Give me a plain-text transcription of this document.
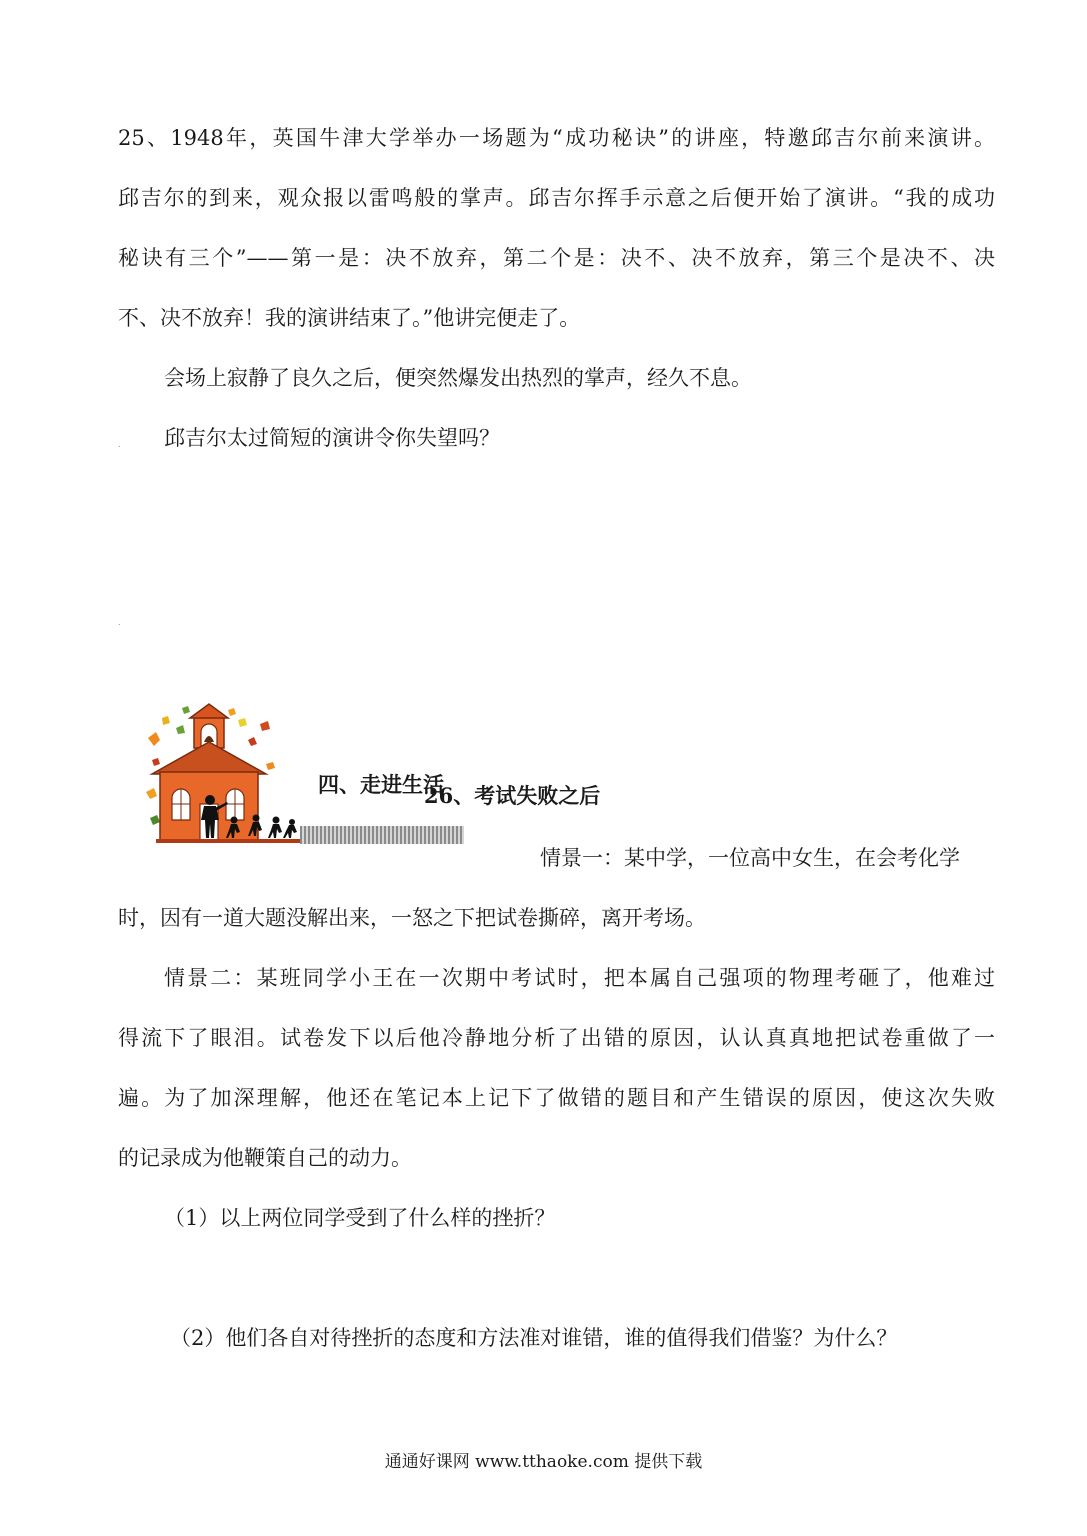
25、1948年，英国牛津大学举办一场题为“成功秘诀”的讲座，特邀邱吉尔前来演讲。
邱吉尔的到来，观众报以雷鸣般的掌声。邱吉尔挥手示意之后便开始了演讲。“我的成功
秘诀有三个”——第一是：决不放弃，第二个是：决不、决不放弃，第三个是决不、决
不、决不放弃！我的演讲结束了。”他讲完便走了。
会场上寂静了良久之后，便突然爆发出热烈的掌声，经久不息。
. 邱吉尔太过简短的演讲令你失望吗？
.
四、走进生活
26、考试失败之后
情景一：某中学，一位高中女生，在会考化学
时，因有一道大题没解出来，一怒之下把试卷撕碎，离开考场。
情景二：某班同学小王在一次期中考试时，把本属自己强项的物理考砸了，他难过
得流下了眼泪。试卷发下以后他冷静地分析了出错的原因，认认真真地把试卷重做了一
遍。为了加深理解，他还在笔记本上记下了做错的题目和产生错误的原因，使这次失败
的记录成为他鞭策自己的动力。
（1）以上两位同学受到了什么样的挫折？
（2）他们各自对待挫折的态度和方法准对谁错，谁的值得我们借鉴？为什么？
通通好课网 www.tthaoke.com 提供下载
